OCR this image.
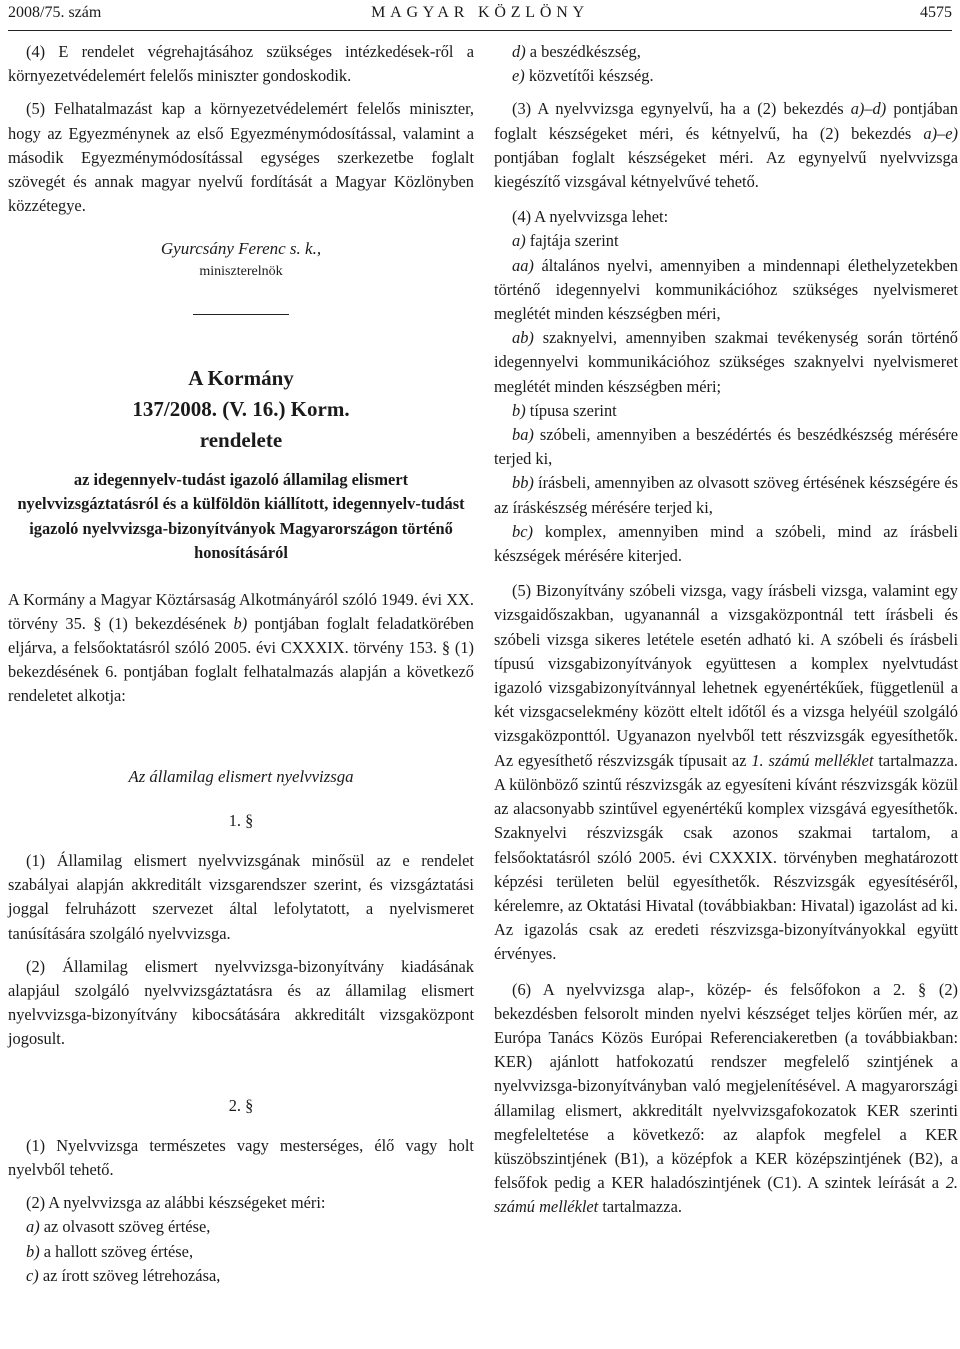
2008/75. szám	MAGYAR KÖZLÖNY	4575

(4) E rendelet végrehajtásához szükséges intézkedések-ről a környezetvédelemért felelős miniszter gondoskodik.

(5) Felhatalmazást kap a környezetvédelemért felelős miniszter, hogy az Egyezménynek az első Egyezménymódosítással, valamint a második Egyezménymódosítással egységes szerkezetbe foglalt szövegét és annak magyar nyelvű fordítását a Magyar Közlönyben közzétegye.

Gyurcsány Ferenc s. k.,
miniszterelnök
A Kormány
137/2008. (V. 16.) Korm.
rendelete
az idegennyelv-tudást igazoló államilag elismert nyelvvizsgáztatásról és a külföldön kiállított, idegennyelv-tudást igazoló nyelvvizsga-bizonyítványok Magyarországon történő honosításáról

A Kormány a Magyar Köztársaság Alkotmányáról szóló 1949. évi XX. törvény 35. § (1) bekezdésének b) pontjában foglalt feladatkörében eljárva, a felsőoktatásról szóló 2005. évi CXXXIX. törvény 153. § (1) bekezdésének 6. pontjában foglalt felhatalmazás alapján a következő rendeletet alkotja:

Az államilag elismert nyelvvizsga
1. §

(1) Államilag elismert nyelvvizsgának minősül az e rendelet szabályai alapján akkreditált vizsgarendszer szerint, és vizsgáztatási joggal felruházott szervezet által lefolytatott, a nyelvismeret tanúsítására szolgáló nyelvvizsga.

(2) Államilag elismert nyelvvizsga-bizonyítvány kiadásának alapjául szolgáló nyelvvizsgáztatásra és az államilag elismert nyelvvizsga-bizonyítvány kibocsátására akkreditált vizsgaközpont jogosult.

2. §

(1) Nyelvvizsga természetes vagy mesterséges, élő vagy holt nyelvből tehető.

(2) A nyelvvizsga az alábbi készségeket méri:

a) az olvasott szöveg értése,
b) a hallott szöveg értése,
c) az írott szöveg létrehozása,
d) a beszédkészség,
e) közvetítői készség.

(3) A nyelvvizsga egynyelvű, ha a (2) bekezdés a)–d) pontjában foglalt készségeket méri, és kétnyelvű, ha (2) bekezdés a)–e) pontjában foglalt készségeket méri. Az egynyelvű nyelvvizsga kiegészítő vizsgával kétnyelvűvé tehető.

(4) A nyelvvizsga lehet:

a) fajtája szerint

aa) általános nyelvi, amennyiben a mindennapi élethelyzetekben történő idegennyelvi kommunikációhoz szükséges nyelvismeret meglétét minden készségben méri,

ab) szaknyelvi, amennyiben szakmai tevékenység során történő idegennyelvi kommunikációhoz szükséges szaknyelvi nyelvismeret meglétét minden készségben méri;

b) típusa szerint

ba) szóbeli, amennyiben a beszédértés és beszédkészség mérésére terjed ki,

bb) írásbeli, amennyiben az olvasott szöveg értésének készségére és az íráskészség mérésére terjed ki,

bc) komplex, amennyiben mind a szóbeli, mind az írásbeli készségek mérésére kiterjed.

(5) Bizonyítvány szóbeli vizsga, vagy írásbeli vizsga, valamint egy vizsgaidőszakban, ugyanannál a vizsgaközpontnál tett írásbeli és szóbeli vizsga sikeres letétele esetén adható ki. A szóbeli és írásbeli típusú vizsgabizonyítványok együttesen a komplex nyelvtudást igazoló vizsgabizonyítvánnyal lehetnek egyenértékűek, függetlenül a két vizsgacselekmény között eltelt időtől és a vizsga helyéül szolgáló vizsgaközponttól. Ugyanazon nyelvből tett részvizsgák egyesíthetők. Az egyesíthető részvizsgák típusait az 1. számú melléklet tartalmazza. A különböző szintű részvizsgák az egyesíteni kívánt részvizsgák közül az alacsonyabb szintűvel egyenértékű komplex vizsgává egyesíthetők. Szaknyelvi részvizsgák csak azonos szakmai tartalom, a felsőoktatásról szóló 2005. évi CXXXIX. törvényben meghatározott képzési területen belül egyesíthetők. Részvizsgák egyesítéséről, kérelemre, az Oktatási Hivatal (továbbiakban: Hivatal) igazolást ad ki. Az igazolás csak az eredeti részvizsga-bizonyítványokkal együtt érvényes.

(6) A nyelvvizsga alap-, közép- és felsőfokon a 2. § (2) bekezdésben felsorolt minden nyelvi készséget teljes körűen mér, az Európa Tanács Közös Európai Referenciakeretben (a továbbiakban: KER) ajánlott hatfokozatú rendszer megfelelő szintjének a nyelvvizsga-bizonyítványban való megjelenítésével. A magyarországi államilag elismert, akkreditált nyelvvizsgafokozatok KER szerinti megfeleltetése a következő: az alapfok megfelel a KER küszöbszintjének (B1), a középfok a KER középszintjének (B2), a felsőfok pedig a KER haladószintjének (C1). A szintek leírását a 2. számú melléklet tartalmazza.
